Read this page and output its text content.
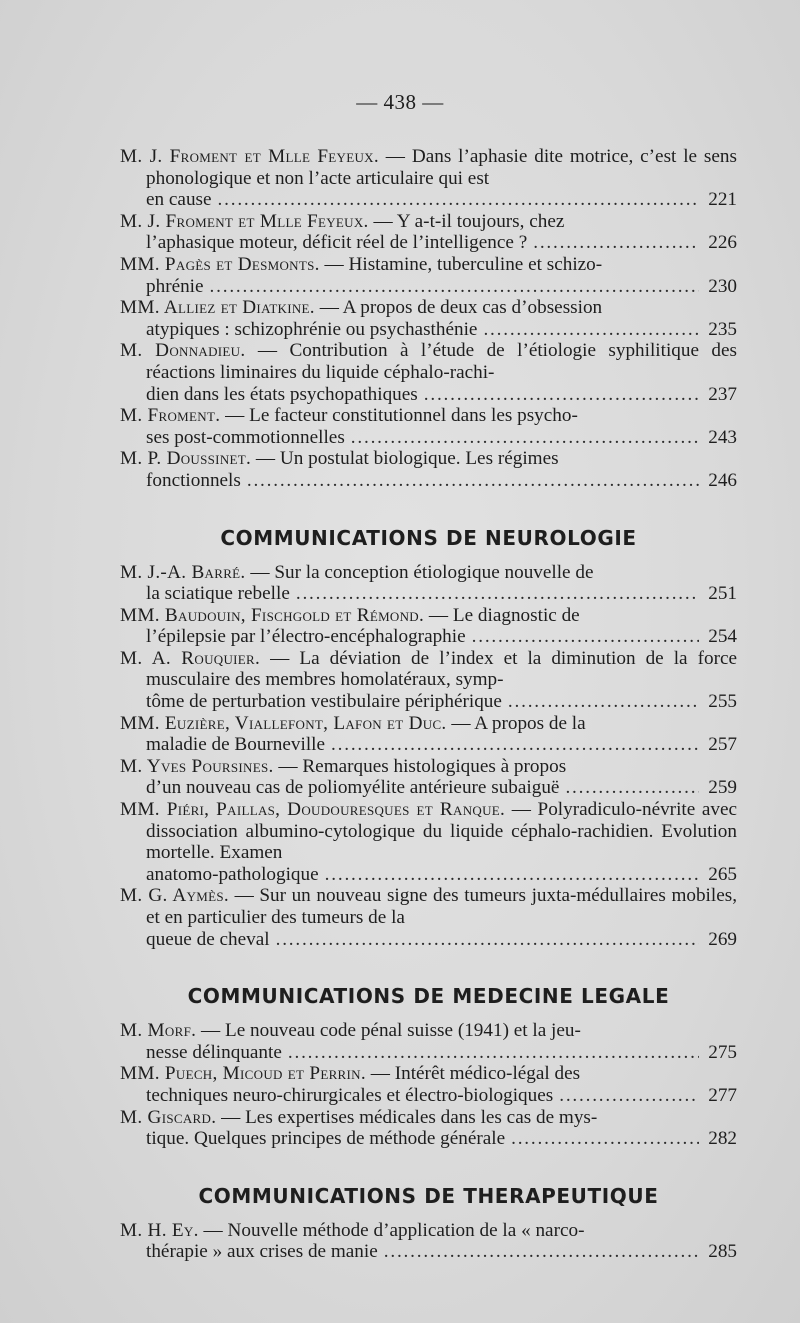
— 438 —

M. J. Froment et Mlle Feyeux. — Dans l’aphasie dite motrice, c’est le sens phonologique et non l’acte articulaire qui est
en cause . . .	221

M. J. Froment et Mlle Feyeux. — Y a-t-il toujours, chez
l’aphasique moteur, déficit réel de l’intelligence ? . . .	226

MM. Pagès et Desmonts. — Histamine, tuberculine et schizo-
phrénie . . .	230

MM. Alliez et Diatkine. — A propos de deux cas d’obsession
atypiques : schizophrénie ou psychasthénie . . .	235

M. Donnadieu. — Contribution à l’étude de l’étiologie syphilitique des réactions liminaires du liquide céphalo-rachi-
dien dans les états psychopathiques . . .	237

M. Froment. — Le facteur constitutionnel dans les psycho-
ses post-commotionnelles . . .	243

M. P. Doussinet. — Un postulat biologique. Les régimes
fonctionnels . . .	246

COMMUNICATIONS DE NEUROLOGIE

M. J.-A. Barré. — Sur la conception étiologique nouvelle de
la sciatique rebelle . . .	251

MM. Baudouin, Fischgold et Rémond. — Le diagnostic de
l’épilepsie par l’électro-encéphalographie . . .	254

M. A. Rouquier. — La déviation de l’index et la diminution de la force musculaire des membres homolatéraux, symp-
tôme de perturbation vestibulaire périphérique . . .	255

MM. Euzière, Viallefont, Lafon et Duc. — A propos de la
maladie de Bourneville . . .	257

M. Yves Poursines. — Remarques histologiques à propos
d’un nouveau cas de poliomyélite antérieure subaiguë . . .	259

MM. Piéri, Paillas, Doudouresques et Ranque. — Polyradiculo-névrite avec dissociation albumino-cytologique du liquide céphalo-rachidien. Evolution mortelle. Examen
anatomo-pathologique . . .	265

M. G. Aymès. — Sur un nouveau signe des tumeurs juxta-médullaires mobiles, et en particulier des tumeurs de la
queue de cheval . . .	269

COMMUNICATIONS DE MEDECINE LEGALE

M. Morf. — Le nouveau code pénal suisse (1941) et la jeu-
nesse délinquante . . .	275

MM. Puech, Micoud et Perrin. — Intérêt médico-légal des
techniques neuro-chirurgicales et électro-biologiques . . .	277

M. Giscard. — Les expertises médicales dans les cas de mys-
tique. Quelques principes de méthode générale . . .	282

COMMUNICATIONS DE THERAPEUTIQUE

M. H. Ey. — Nouvelle méthode d’application de la « narco-
thérapie » aux crises de manie . . .	285
